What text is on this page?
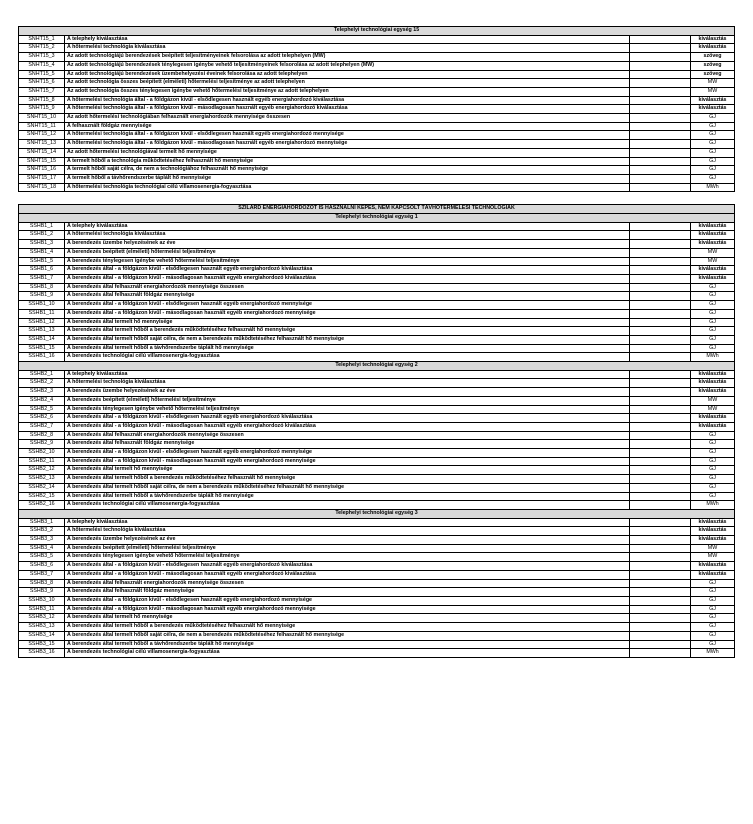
Telephelyi technológiai egység 15			
SNHT15_1	A telephely kiválasztása		kiválasztás
SNHT15_2	A hőtermelési technológia kiválasztása		kiválasztás
SNHT15_3	Az adott technológiájú berendezések beépített teljesítményeinek felsorolása az adott telephelyen (MW)		szöveg
SNHT15_4	Az adott technológiájú berendezések ténylegesen igénybe vehető teljesítményeinek felsorolása az adott telephelyen (MW)		szöveg
SNHT15_5	Az adott technológiájú berendezések üzembehelyezési éveinek felsorolása az adott telephelyen		szöveg
SNHT15_6	Az adott technológia összes beépített (elméleti) hőtermelési teljesítménye az adott telephelyen		MW
SNHT15_7	Az adott technológia összes ténylegesen igénybe vehető hőtermelési teljesítménye az adott telephelyen		MW
SNHT15_8	A hőtermelési technológia által - a földgázon kívül - elsődlegesen használt egyéb energiahordozó kiválasztása		kiválasztás
SNHT15_9	A hőtermelési technológia által - a földgázon kívül - másodlagosan használt egyéb energiahordozó kiválasztása		kiválasztás
SNHT15_10	Az adott hőtermelési technológiában felhasznált energiahordozók mennyisége összesen		GJ
SNHT15_11	A felhasznált földgáz mennyisége		GJ
SNHT15_12	A hőtermelési technológia által - a földgázon kívül - elsődlegesen használt egyéb energiahordozó mennyisége		GJ
SNHT15_13	A hőtermelési technológia által - a földgázon kívül - másodlagosan használt egyéb energiahordozó mennyisége		GJ
SNHT15_14	Az adott hőtermelési technológiával termelt hő mennyisége		GJ
SNHT15_15	A termelt hőből a technológia működtetéséhez felhasznált hő mennyisége		GJ
SNHT15_16	A termelt hőből saját célra, de nem a technológiához felhasznált hő mennyisége		GJ
SNHT15_17	A termelt hőből a távhőrendszerbe táplált hő mennyisége		GJ
SNHT15_18	A hőtermelési technológia technológiai célú villamosenergia-fogyasztása		MWh
SZILÁRD ENERGIAHORDOZÓT IS HASZNÁLNI KÉPES, NEM KAPCSOLT TÁVHŐTERMELÉSI TECHNOLÓGIÁK			
Telephelyi technológiai egység 1			
SSHB1_1	A telephely kiválasztása		kiválasztás
SSHB1_2	A hőtermelési technológia kiválasztása		kiválasztás
SSHB1_3	A berendezés üzembe helyezésének az éve		kiválasztás
SSHB1_4	A berendezés beépített (elméleti) hőtermelési teljesítménye		MW
SSHB1_5	A berendezés ténylegesen igénybe vehető hőtermelési teljesítménye		MW
SSHB1_6	A berendezés által - a földgázon kívül - elsődlegesen használt egyéb energiahordozó kiválasztása		kiválasztás
SSHB1_7	A berendezés által - a földgázon kívül - másodlagosan használt egyéb energiahordozó kiválasztása		kiválasztás
SSHB1_8	A berendezés által felhasznált energiahordozók mennyisége összesen		GJ
SSHB1_9	A berendezés által felhasznált földgáz mennyisége		GJ
SSHB1_10	A berendezés által - a földgázon kívül - elsődlegesen használt egyéb energiahordozó mennyisége		GJ
SSHB1_11	A berendezés által - a földgázon kívül - másodlagosan használt egyéb energiahordozó mennyisége		GJ
SSHB1_12	A berendezés által termelt hő mennyisége		GJ
SSHB1_13	A berendezés által termelt hőből a berendezés működtetéséhez felhasznált hő mennyisége		GJ
SSHB1_14	A berendezés által termelt hőből saját célra, de nem a berendezés működtetéséhez felhasznált hő mennyisége		GJ
SSHB1_15	A berendezés által termelt hőből a távhőrendszerbe táplált hő mennyisége		GJ
SSHB1_16	A berendezés technológiai célú villamosenergia-fogyasztása		MWh
Telephelyi technológiai egység 2			
SSHB2_1	A telephely kiválasztása		kiválasztás
SSHB2_2	A hőtermelési technológia kiválasztása		kiválasztás
SSHB2_3	A berendezés üzembe helyezésének az éve		kiválasztás
SSHB2_4	A berendezés beépített (elméleti) hőtermelési teljesítménye		MW
SSHB2_5	A berendezés ténylegesen igénybe vehető hőtermelési teljesítménye		MW
SSHB2_6	A berendezés által - a földgázon kívül - elsődlegesen használt egyéb energiahordozó kiválasztása		kiválasztás
SSHB2_7	A berendezés által - a földgázon kívül - másodlagosan használt egyéb energiahordozó kiválasztása		kiválasztás
SSHB2_8	A berendezés által felhasznált energiahordozók mennyisége összesen		GJ
SSHB2_9	A berendezés által felhasznált földgáz mennyisége		GJ
SSHB2_10	A berendezés által - a földgázon kívül - elsődlegesen használt egyéb energiahordozó mennyisége		GJ
SSHB2_11	A berendezés által - a földgázon kívül - másodlagosan használt egyéb energiahordozó mennyisége		GJ
SSHB2_12	A berendezés által termelt hő mennyisége		GJ
SSHB2_13	A berendezés által termelt hőből a berendezés működtetéséhez felhasznált hő mennyisége		GJ
SSHB2_14	A berendezés által termelt hőből saját célra, de nem a berendezés működtetéséhez felhasznált hő mennyisége		GJ
SSHB2_15	A berendezés által termelt hőből a távhőrendszerbe táplált hő mennyisége		GJ
SSHB2_16	A berendezés technológiai célú villamosenergia-fogyasztása		MWh
Telephelyi technológiai egység 3			
SSHB3_1	A telephely kiválasztása		kiválasztás
SSHB3_2	A hőtermelési technológia kiválasztása		kiválasztás
SSHB3_3	A berendezés üzembe helyezésének az éve		kiválasztás
SSHB3_4	A berendezés beépített (elméleti) hőtermelési teljesítménye		MW
SSHB3_5	A berendezés ténylegesen igénybe vehető hőtermelési teljesítménye		MW
SSHB3_6	A berendezés által - a földgázon kívül - elsődlegesen használt egyéb energiahordozó kiválasztása		kiválasztás
SSHB3_7	A berendezés által - a földgázon kívül - másodlagosan használt egyéb energiahordozó kiválasztása		kiválasztás
SSHB3_8	A berendezés által felhasznált energiahordozók mennyisége összesen		GJ
SSHB3_9	A berendezés által felhasznált földgáz mennyisége		GJ
SSHB3_10	A berendezés által - a földgázon kívül - elsődlegesen használt egyéb energiahordozó mennyisége		GJ
SSHB3_11	A berendezés által - a földgázon kívül - másodlagosan használt egyéb energiahordozó mennyisége		GJ
SSHB3_12	A berendezés által termelt hő mennyisége		GJ
SSHB3_13	A berendezés által termelt hőből a berendezés működtetéséhez felhasznált hő mennyisége		GJ
SSHB3_14	A berendezés által termelt hőből saját célra, de nem a berendezés működtetéséhez felhasznált hő mennyisége		GJ
SSHB3_15	A berendezés által termelt hőből a távhőrendszerbe táplált hő mennyisége		GJ
SSHB3_16	A berendezés technológiai célú villamosenergia-fogyasztása		MWh
